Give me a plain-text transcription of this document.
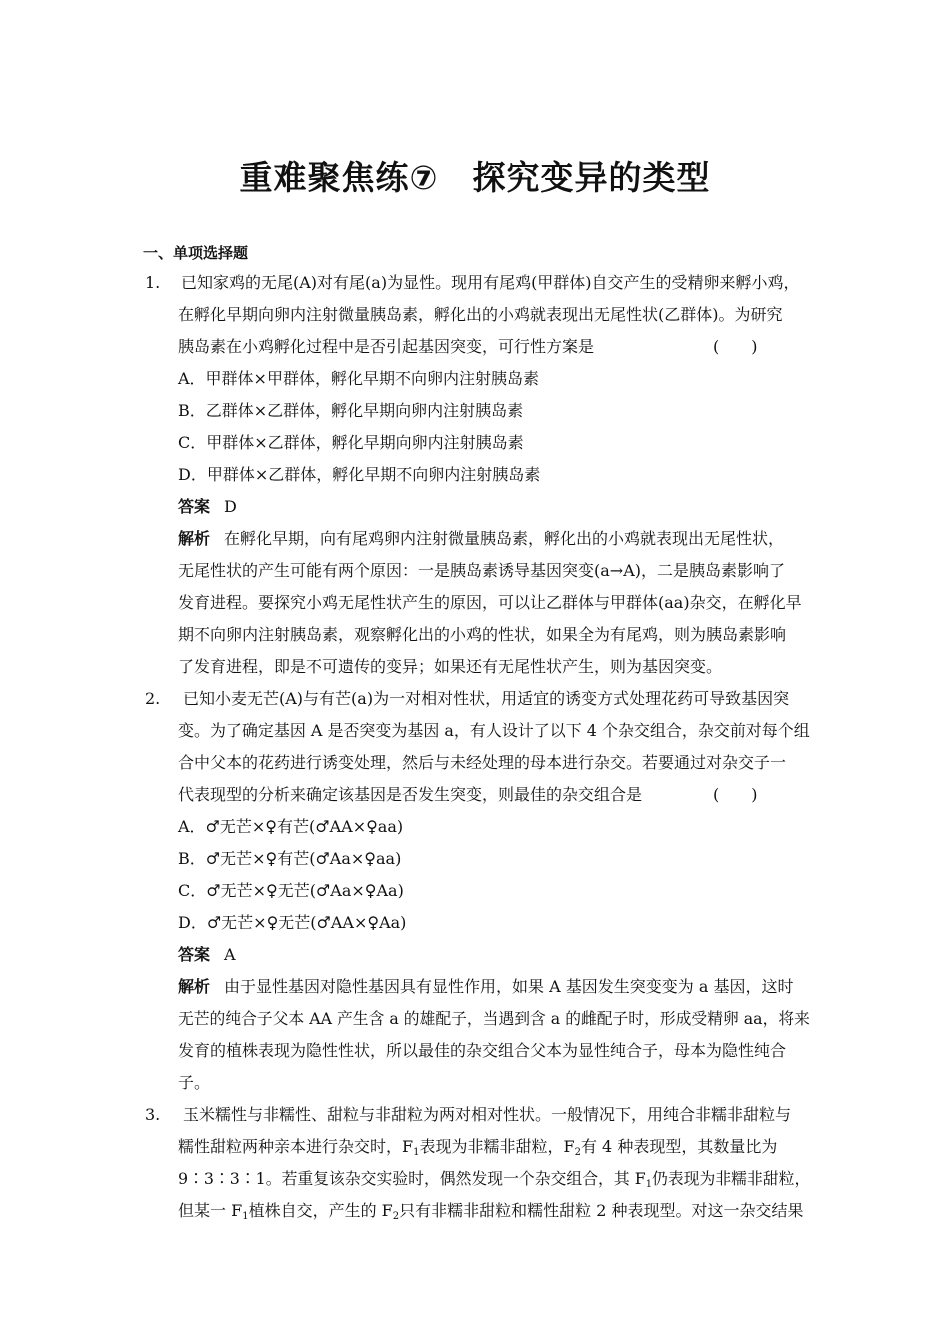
重难聚焦练⑦　探究变异的类型
一、单项选择题
1. 已知家鸡的无尾(A)对有尾(a)为显性。现用有尾鸡(甲群体)自交产生的受精卵来孵小鸡，
在孵化早期向卵内注射微量胰岛素，孵化出的小鸡就表现出无尾性状(乙群体)。为研究
胰岛素在小鸡孵化过程中是否引起基因突变，可行性方案是	(　　)
A．甲群体×甲群体，孵化早期不向卵内注射胰岛素
B．乙群体×乙群体，孵化早期向卵内注射胰岛素
C．甲群体×乙群体，孵化早期向卵内注射胰岛素
D．甲群体×乙群体，孵化早期不向卵内注射胰岛素
答案 D
解析 在孵化早期，向有尾鸡卵内注射微量胰岛素，孵化出的小鸡就表现出无尾性状，
无尾性状的产生可能有两个原因：一是胰岛素诱导基因突变(a→A)，二是胰岛素影响了
发育进程。要探究小鸡无尾性状产生的原因，可以让乙群体与甲群体(aa)杂交，在孵化早
期不向卵内注射胰岛素，观察孵化出的小鸡的性状，如果全为有尾鸡，则为胰岛素影响
了发育进程，即是不可遗传的变异；如果还有无尾性状产生，则为基因突变。
2. 已知小麦无芒(A)与有芒(a)为一对相对性状，用适宜的诱变方式处理花药可导致基因突
变。为了确定基因 A 是否突变为基因 a，有人设计了以下 4 个杂交组合，杂交前对每个组
合中父本的花药进行诱变处理，然后与未经处理的母本进行杂交。若要通过对杂交子一
代表现型的分析来确定该基因是否发生突变，则最佳的杂交组合是	(　　)
A．♂无芒×♀有芒(♂AA×♀aa)
B．♂无芒×♀有芒(♂Aa×♀aa)
C．♂无芒×♀无芒(♂Aa×♀Aa)
D．♂无芒×♀无芒(♂AA×♀Aa)
答案 A
解析 由于显性基因对隐性基因具有显性作用，如果 A 基因发生突变变为 a 基因，这时
无芒的纯合子父本 AA 产生含 a 的雄配子，当遇到含 a 的雌配子时，形成受精卵 aa，将来
发育的植株表现为隐性性状，所以最佳的杂交组合父本为显性纯合子，母本为隐性纯合
子。
3. 玉米糯性与非糯性、甜粒与非甜粒为两对相对性状。一般情况下，用纯合非糯非甜粒与
糯性甜粒两种亲本进行杂交时，$F_1$表现为非糯非甜粒，$F_2$有 4 种表现型，其数量比为
9∶3∶3∶1。若重复该杂交实验时，偶然发现一个杂交组合，其 $F_1$仍表现为非糯非甜粒，
但某一 $F_1$植株自交，产生的 $F_2$只有非糯非甜粒和糯性甜粒 2 种表现型。对这一杂交结果
